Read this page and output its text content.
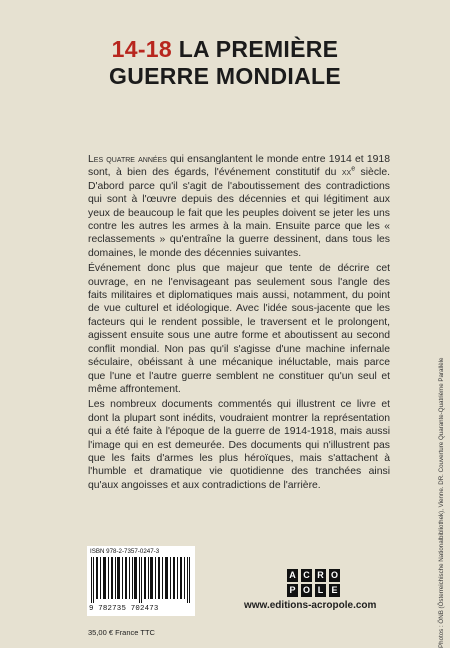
14-18 LA PREMIÈRE
GUERRE MONDIALE

Les quatre années qui ensanglantent le monde entre 1914 et 1918 sont, à bien des égards, l'événement constitutif du $xx^e$ siècle. D'abord parce qu'il s'agit de l'aboutissement des contradictions qui sont à l'œuvre depuis des décennies et qui légitiment aux yeux de beaucoup le fait que les peuples doivent se jeter les uns contre les autres les armes à la main. Ensuite parce que les « reclassements » qu'entraîne la guerre dessinent, dans tous les domaines, le monde des décennies suivantes.

Événement donc plus que majeur que tente de décrire cet ouvrage, en ne l'envisageant pas seulement sous l'angle des faits militaires et diplomatiques mais aussi, notamment, du point de vue culturel et idéologique. Avec l'idée sous-jacente que les facteurs qui le rendent possible, le traversent et le prolongent, agissent ensuite sous une autre forme et aboutissent au second conflit mondial. Non pas qu'il s'agisse d'une machine infernale séculaire, obéissant à une mécanique inéluctable, mais parce que l'une et l'autre guerre semblent ne constituer qu'un seul et même affrontement.

Les nombreux documents commentés qui illustrent ce livre et dont la plupart sont inédits, voudraient montrer la représentation qui a été faite à l'époque de la guerre de 1914-1918, mais aussi l'image qui en est demeurée. Des documents qui n'illustrent pas que les faits d'armes les plus héroïques, mais s'attachent à l'humble et dramatique vie quotidienne des tranchées ainsi qu'aux angoisses et aux contradictions de l'arrière.	Photos : ÖNB (Österreichische Nationalbibliothek), Vienne. DR. Couverture Quarante-Quatrième Parallèle
ISBN 978-2-7357-0247-3
9 782735 702473
35,00 € France TTC
A C R O
P O L E
www.editions-acropole.com
